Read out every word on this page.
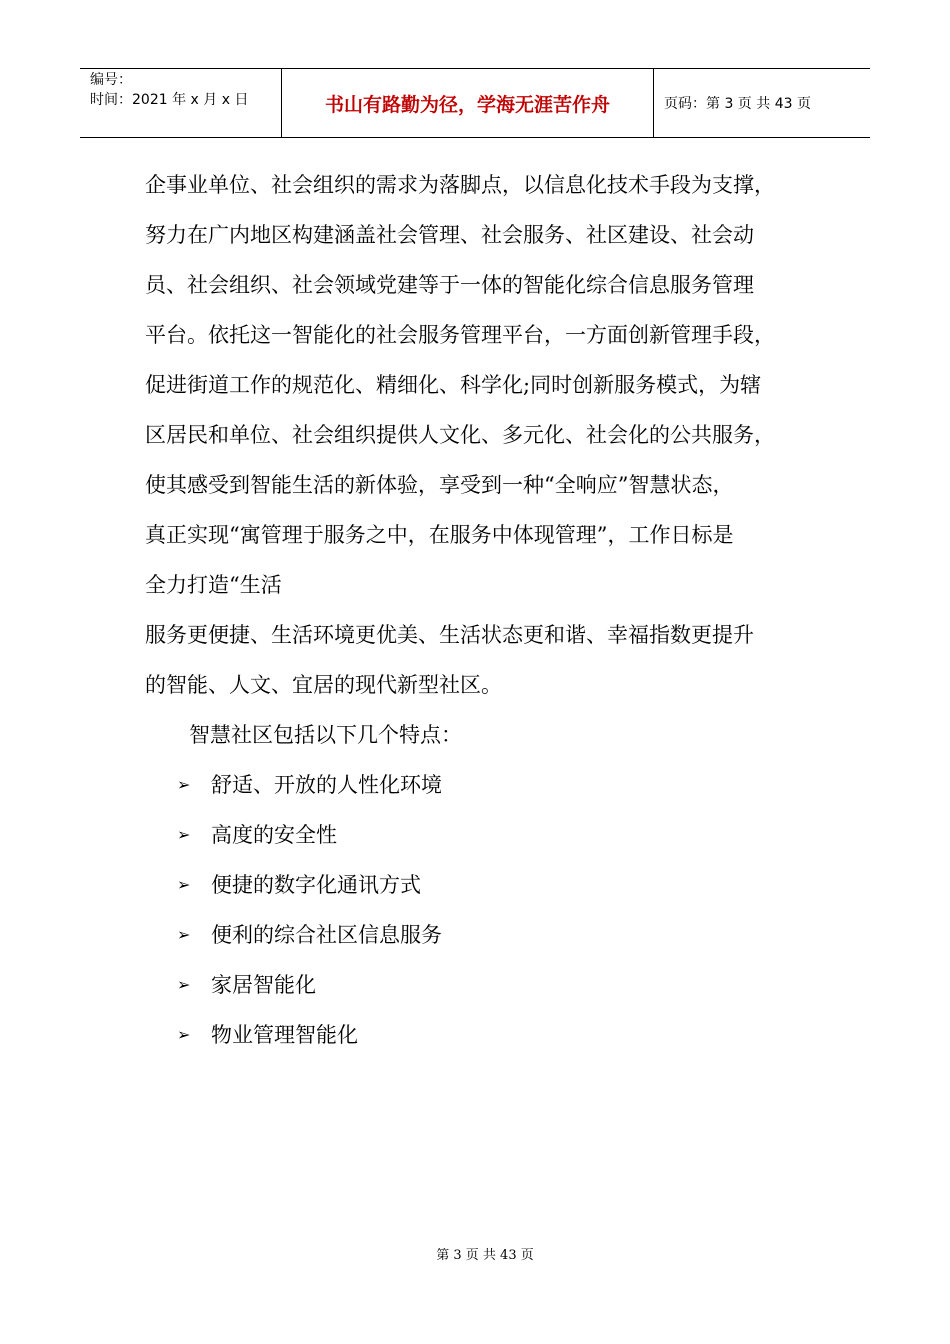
编号：
时间：2021 年 x 月 x 日	书山有路勤为径，学海无涯苦作舟	页码：第 3 页 共 43 页
企事业单位、社会组织的需求为落脚点，以信息化技术手段为支撑，
努力在广内地区构建涵盖社会管理、社会服务、社区建设、社会动
员、社会组织、社会领域党建等于一体的智能化综合信息服务管理
平台。依托这一智能化的社会服务管理平台，一方面创新管理手段，
促进街道工作的规范化、精细化、科学化;同时创新服务模式，为辖
区居民和单位、社会组织提供人文化、多元化、社会化的公共服务，
使其感受到智能生活的新体验，享受到一种“全响应”智慧状态，
真正实现“寓管理于服务之中，在服务中体现管理”，工作日标是
全力打造“生活
服务更便捷、生活环境更优美、生活状态更和谐、幸福指数更提升
的智能、人文、宜居的现代新型社区。
智慧社区包括以下几个特点：
➢ 舒适、开放的人性化环境
➢ 高度的安全性
➢ 便捷的数字化通讯方式
➢ 便利的综合社区信息服务
➢ 家居智能化
➢ 物业管理智能化
第 3 页 共 43 页
